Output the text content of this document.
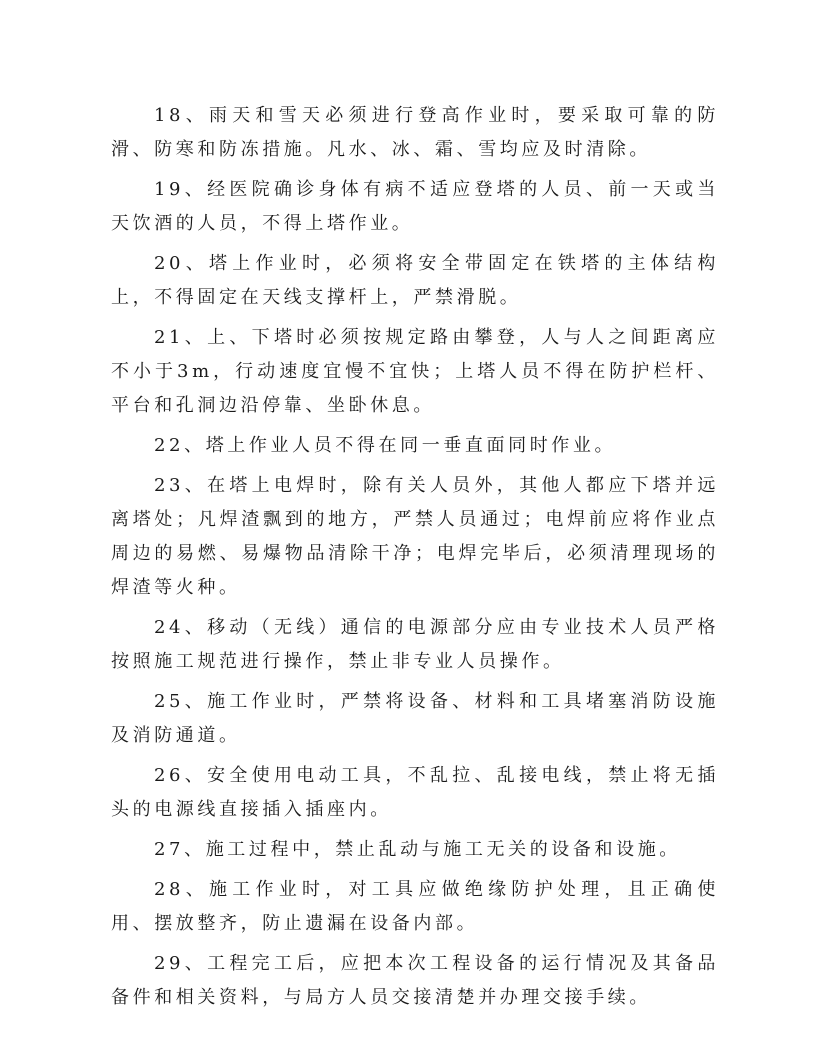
18、雨天和雪天必须进行登高作业时，要采取可靠的防滑、防寒和防冻措施。凡水、冰、霜、雪均应及时清除。

19、经医院确诊身体有病不适应登塔的人员、前一天或当天饮酒的人员，不得上塔作业。

20、塔上作业时，必须将安全带固定在铁塔的主体结构上，不得固定在天线支撑杆上，严禁滑脱。

21、上、下塔时必须按规定路由攀登，人与人之间距离应不小于3m，行动速度宜慢不宜快；上塔人员不得在防护栏杆、平台和孔洞边沿停靠、坐卧休息。

22、塔上作业人员不得在同一垂直面同时作业。

23、在塔上电焊时，除有关人员外，其他人都应下塔并远离塔处；凡焊渣飘到的地方，严禁人员通过；电焊前应将作业点周边的易燃、易爆物品清除干净；电焊完毕后，必须清理现场的焊渣等火种。

24、移动（无线）通信的电源部分应由专业技术人员严格按照施工规范进行操作，禁止非专业人员操作。

25、施工作业时，严禁将设备、材料和工具堵塞消防设施及消防通道。

26、安全使用电动工具，不乱拉、乱接电线，禁止将无插头的电源线直接插入插座内。

27、施工过程中，禁止乱动与施工无关的设备和设施。

28、施工作业时，对工具应做绝缘防护处理，且正确使用、摆放整齐，防止遗漏在设备内部。

29、工程完工后，应把本次工程设备的运行情况及其备品备件和相关资料，与局方人员交接清楚并办理交接手续。
